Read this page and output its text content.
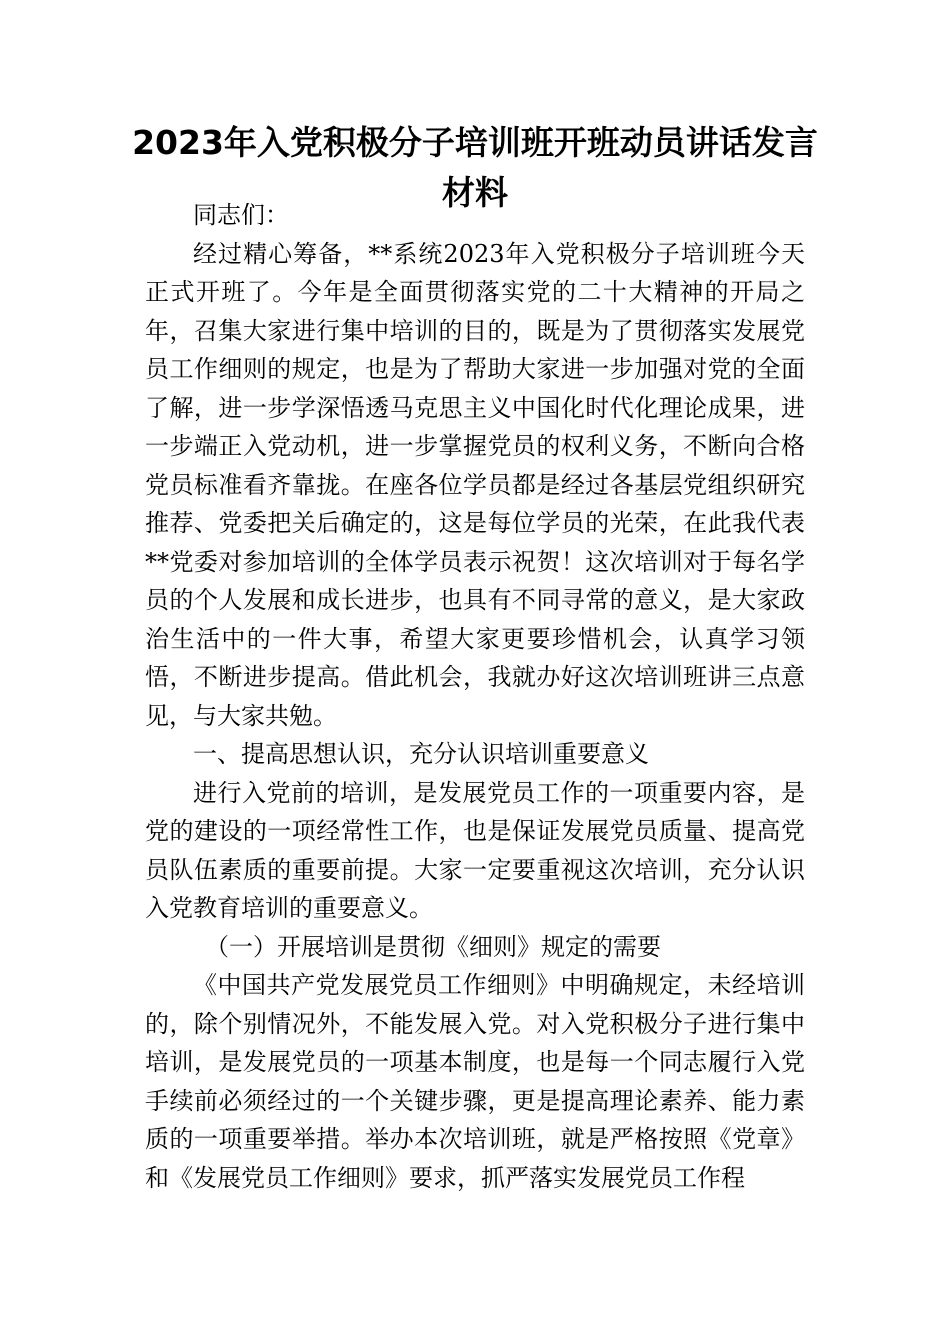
2023年入党积极分子培训班开班动员讲话发言材料

同志们：

经过精心筹备，**系统2023年入党积极分子培训班今天正式开班了。今年是全面贯彻落实党的二十大精神的开局之年，召集大家进行集中培训的目的，既是为了贯彻落实发展党员工作细则的规定，也是为了帮助大家进一步加强对党的全面了解，进一步学深悟透马克思主义中国化时代化理论成果，进一步端正入党动机，进一步掌握党员的权利义务，不断向合格党员标准看齐靠拢。在座各位学员都是经过各基层党组织研究推荐、党委把关后确定的，这是每位学员的光荣，在此我代表**党委对参加培训的全体学员表示祝贺！这次培训对于每名学员的个人发展和成长进步，也具有不同寻常的意义，是大家政治生活中的一件大事，希望大家更要珍惜机会，认真学习领悟，不断进步提高。借此机会，我就办好这次培训班讲三点意见，与大家共勉。

一、提高思想认识，充分认识培训重要意义

进行入党前的培训，是发展党员工作的一项重要内容，是党的建设的一项经常性工作，也是保证发展党员质量、提高党员队伍素质的重要前提。大家一定要重视这次培训，充分认识入党教育培训的重要意义。

（一）开展培训是贯彻《细则》规定的需要

《中国共产党发展党员工作细则》中明确规定，未经培训的，除个别情况外，不能发展入党。对入党积极分子进行集中培训，是发展党员的一项基本制度，也是每一个同志履行入党手续前必须经过的一个关键步骤，更是提高理论素养、能力素质的一项重要举措。举办本次培训班，就是严格按照《党章》和《发展党员工作细则》要求，抓严落实发展党员工作程
